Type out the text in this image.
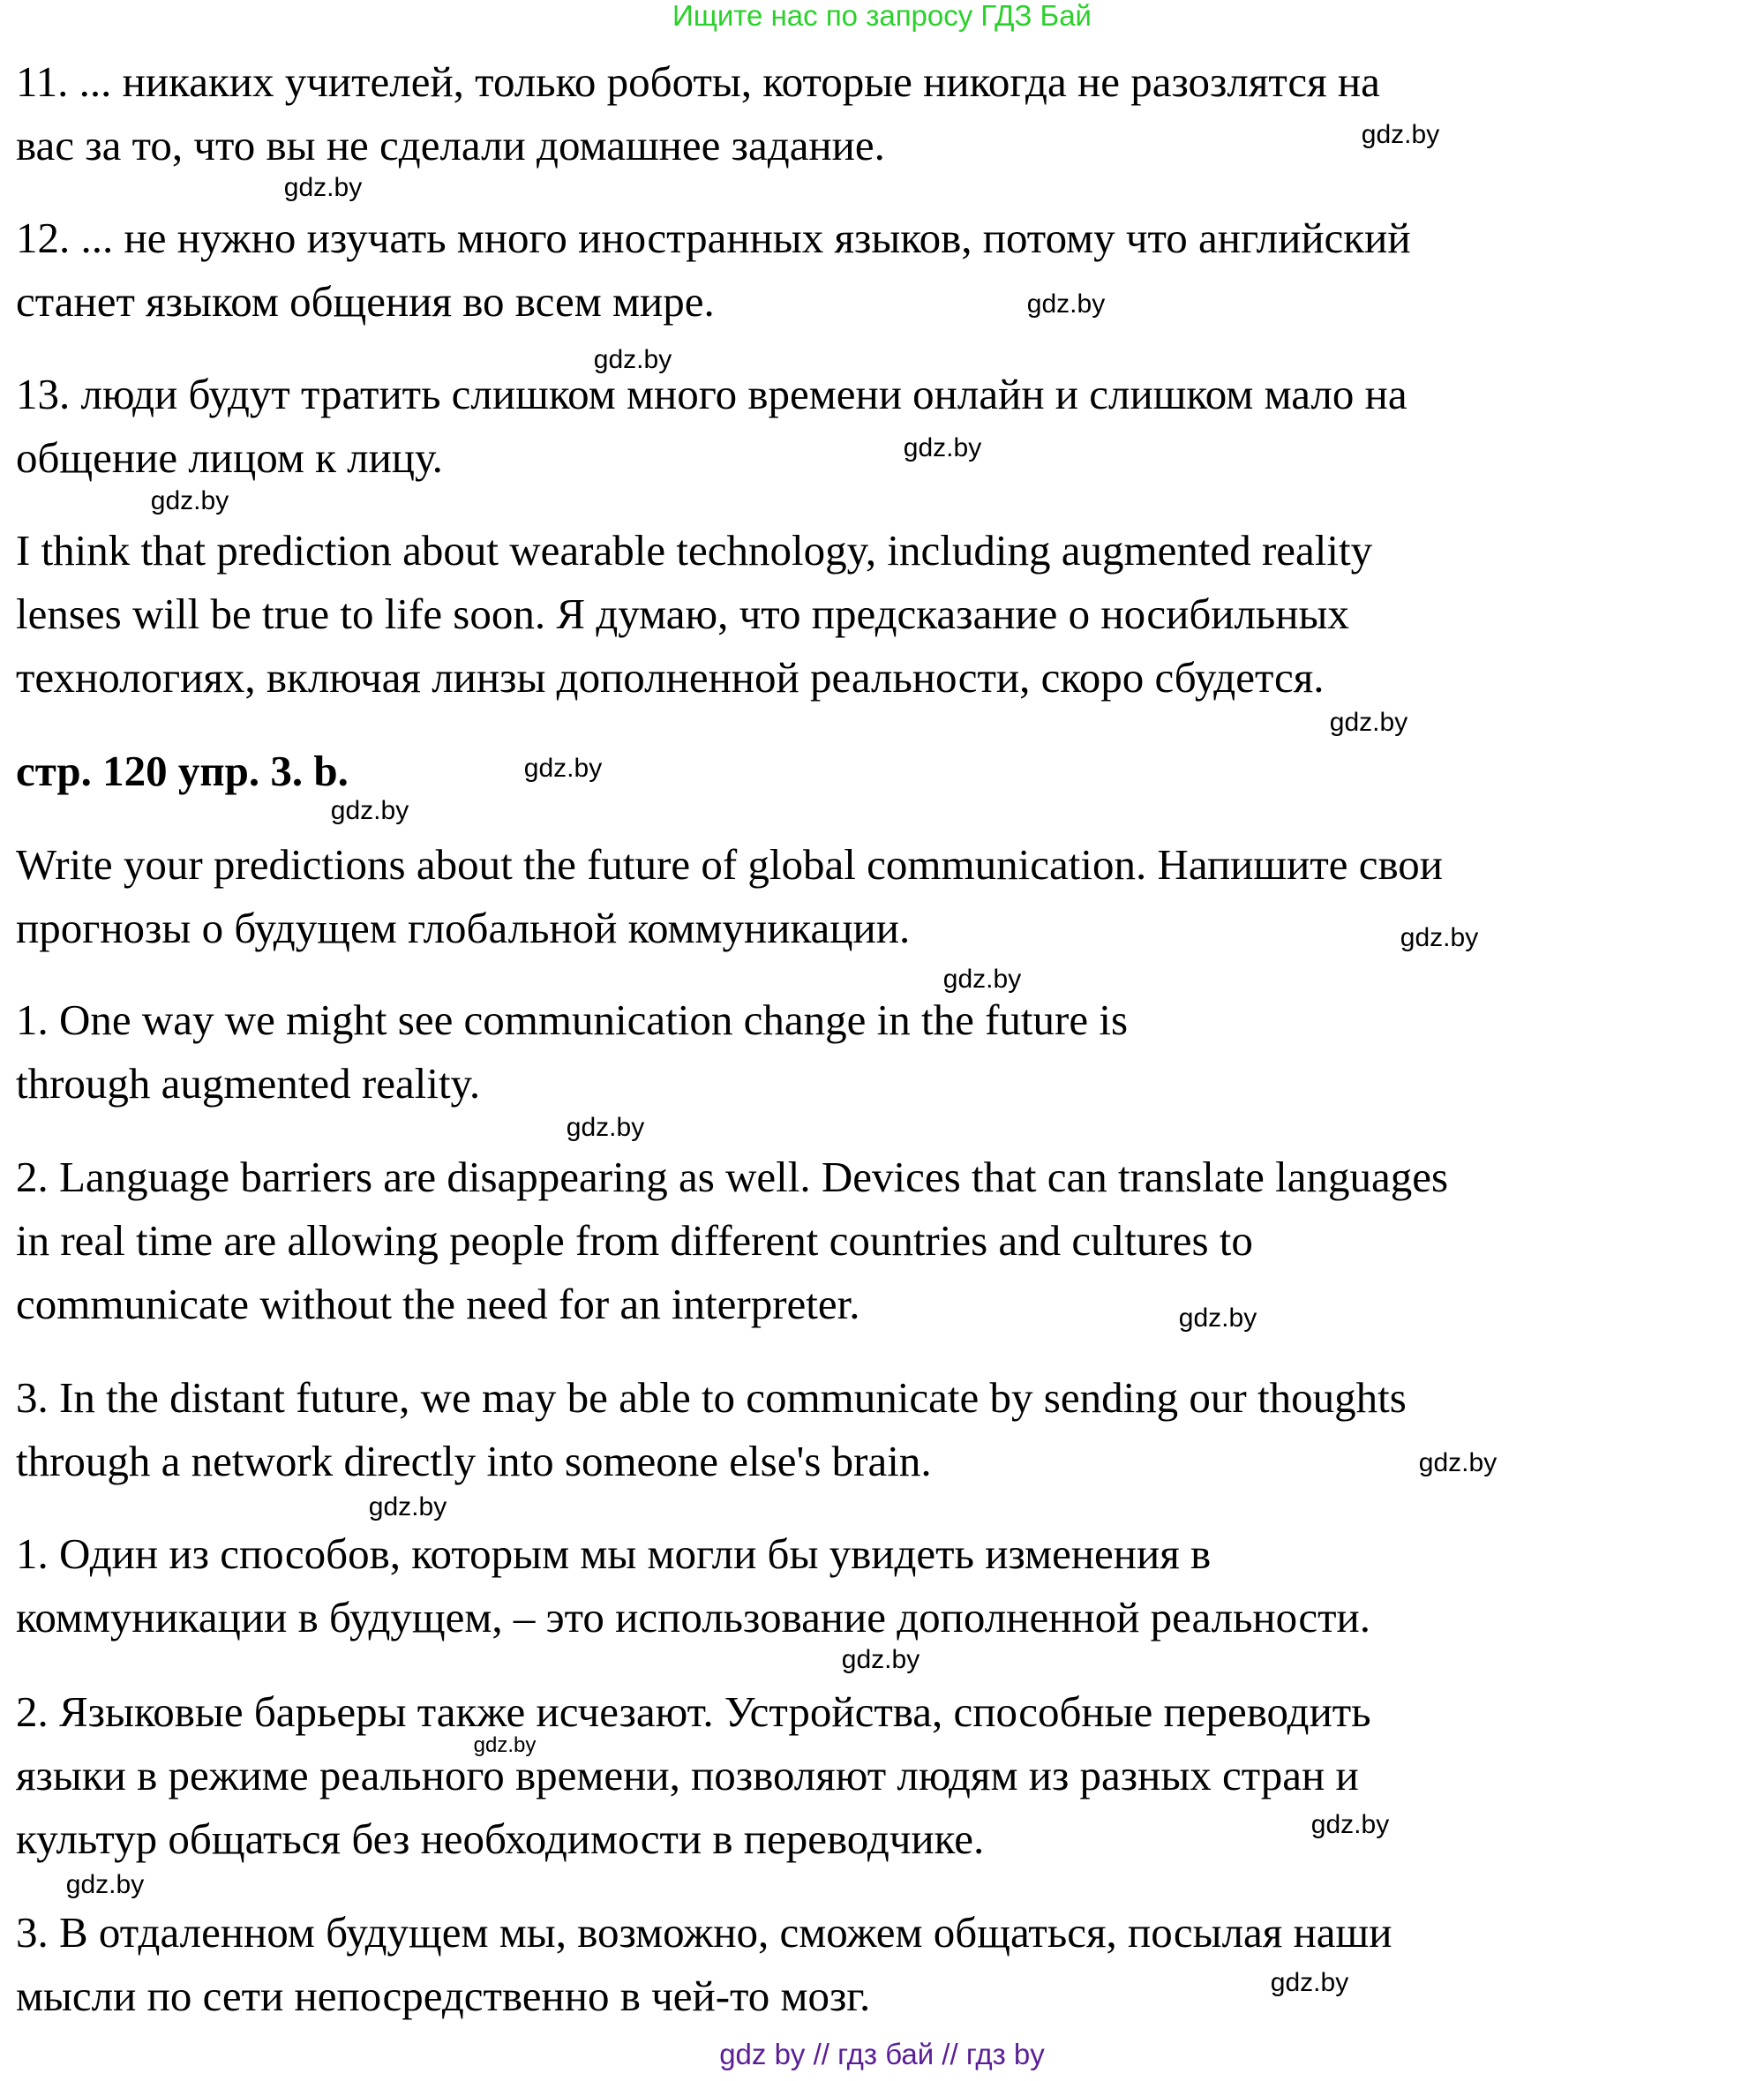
Ищите нас по запросу ГДЗ Бай
11. ... никаких учителей, только роботы, которые никогда не разозлятся на
вас за то, что вы не сделали домашнее задание.
12. ... не нужно изучать много иностранных языков, потому что английский
станет языком общения во всем мире.
13. люди будут тратить слишком много времени онлайн и слишком мало на
общение лицом к лицу.
I think that prediction about wearable technology, including augmented reality
lenses will be true to life soon. Я думаю, что предсказание о носибильных
технологиях, включая линзы дополненной реальности, скоро сбудется.
стр. 120 упр. 3. b.
Write your predictions about the future of global communication. Напишите свои
прогнозы о будущем глобальной коммуникации.
1. One way we might see communication change in the future is
through augmented reality.
2. Language barriers are disappearing as well. Devices that can translate languages
in real time are allowing people from different countries and cultures to
communicate without the need for an interpreter.
3. In the distant future, we may be able to communicate by sending our thoughts
through a network directly into someone else's brain.
1. Один из способов, которым мы могли бы увидеть изменения в
коммуникации в будущем, – это использование дополненной реальности.
2. Языковые барьеры также исчезают. Устройства, способные переводить
языки в режиме реального времени, позволяют людям из разных стран и
культур общаться без необходимости в переводчике.
3. В отдаленном будущем мы, возможно, сможем общаться, посылая наши
мысли по сети непосредственно в чей-то мозг.
gdz.by
gdz.by
gdz.by
gdz.by
gdz.by
gdz.by
gdz.by
gdz.by
gdz.by
gdz.by
gdz.by
gdz.by
gdz.by
gdz.by
gdz.by
gdz.by
gdz.by
gdz.by
gdz.by
gdz.by
gdz by // гдз бай // гдз by
